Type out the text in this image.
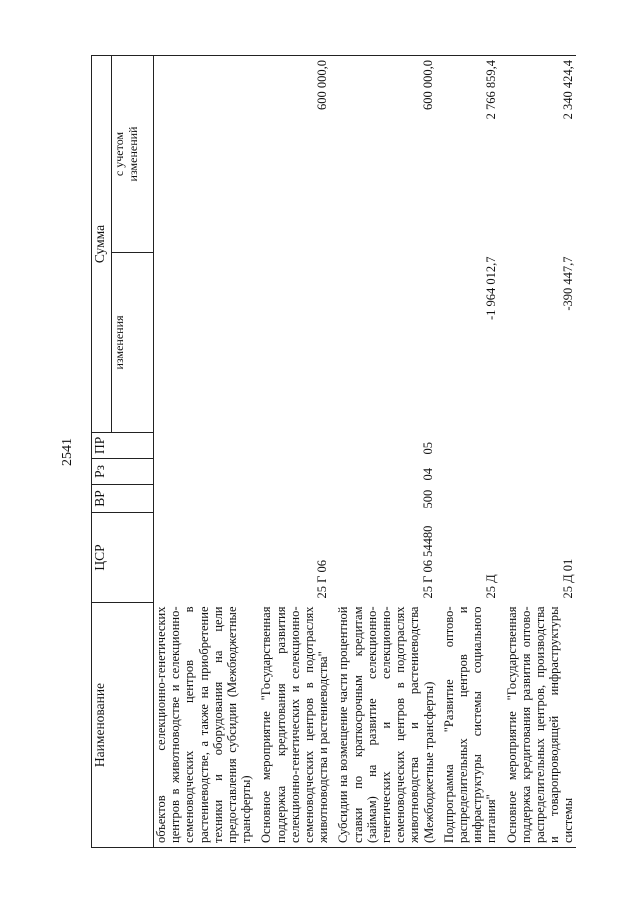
2541
Наименование	ЦСР	ВР	Рз	ПР	Сумма	
					изменения	с учетом
изменений
объектов селекционно-генетических центров в животноводстве и селекционно-семеноводческих центров в растениеводстве, а также на приобретение техники и оборудования на цели предоставления субсидии (Межбюджетные трансферты)						

Основное мероприятие "Государственная поддержка кредитования развития селекционно-генетических и селекционно-семеноводческих центров в подотраслях животноводства и растениеводства"	25 Г 06					600 000,0

Субсидии на возмещение части процентной ставки по краткосрочным кредитам (займам) на развитие селекционно-генетических и селекционно-семеноводческих центров в подотраслях животноводства и растениеводства (Межбюджетные трансферты)	25 Г 06 54480	500	04	05		600 000,0

Подпрограмма "Развитие оптово-распределительных центров и инфраструктуры системы социального питания"	25 Д				-1 964 012,7	2 766 859,4

Основное мероприятие "Государственная поддержка кредитования развития оптово-распределительных центров, производства и товаропроводящей инфраструктуры системы	25 Д 01				-390 447,7	2 340 424,4
